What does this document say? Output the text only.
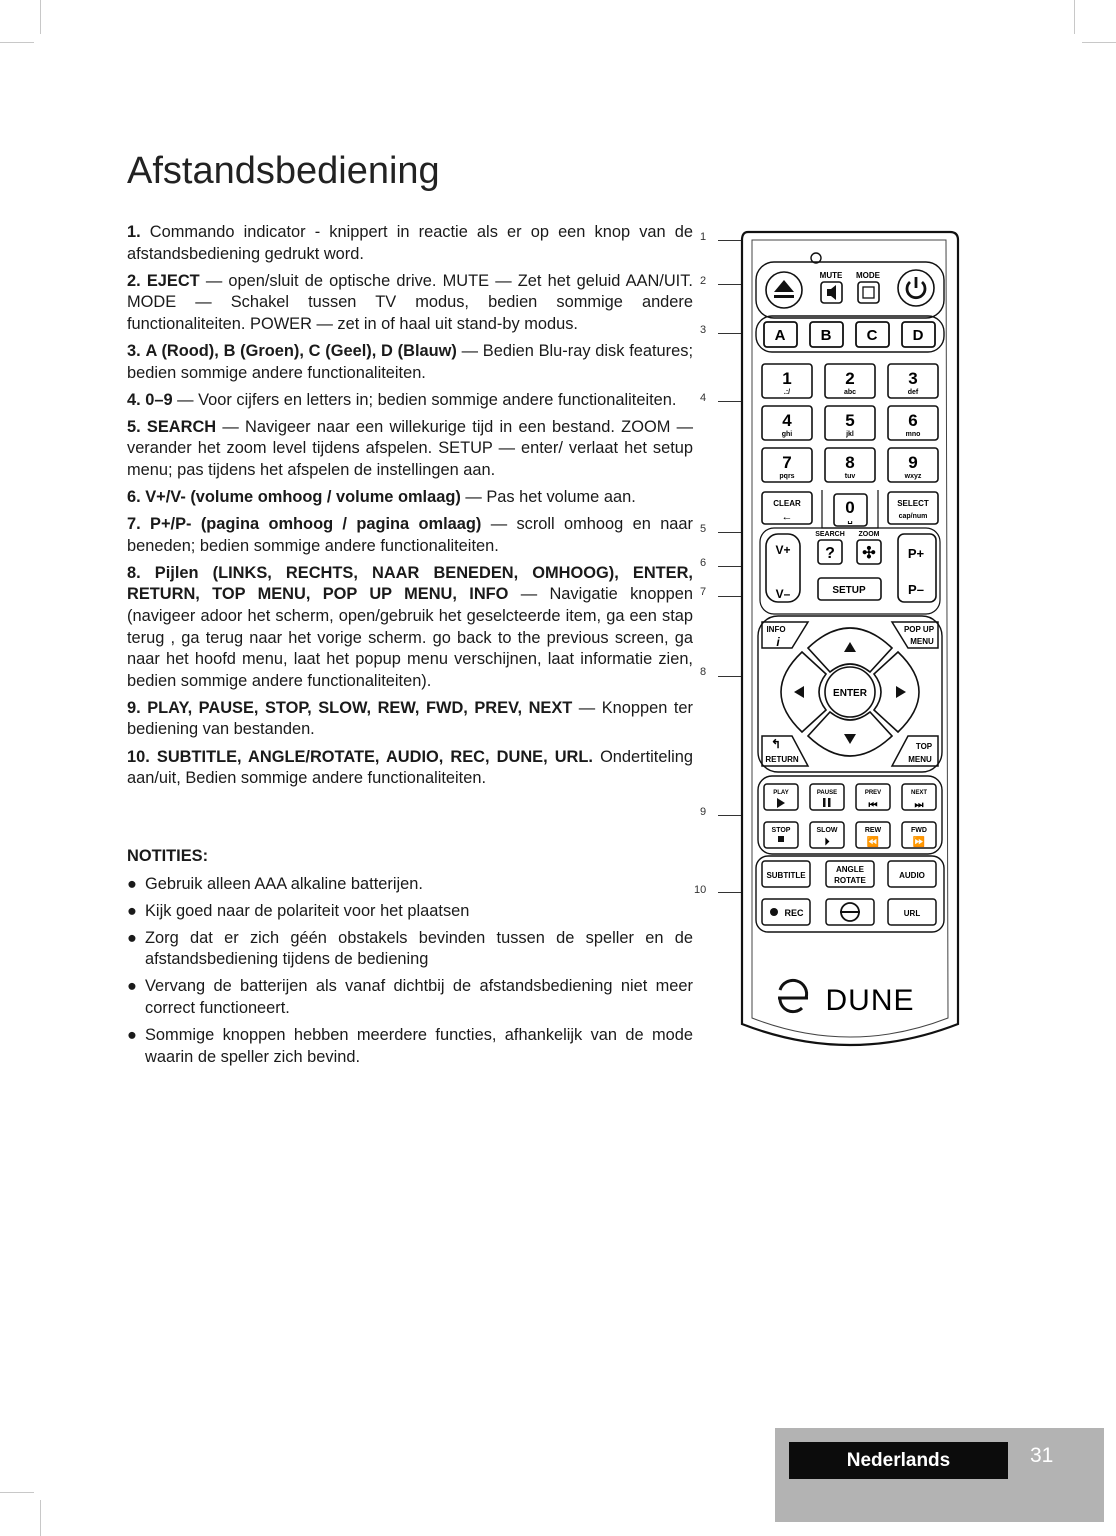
Afstandsbediening
1. Commando indicator - knippert in reactie als er op een knop van de afstandsbediening gedrukt word.
2. EJECT — open/sluit de optische drive. MUTE — Zet het geluid AAN/UIT. MODE — Schakel tussen TV modus, bedien sommige andere functionaliteiten. POWER — zet in of haal uit stand-by modus.
3. A (Rood), B (Groen), C (Geel), D (Blauw) — Bedien Blu-ray disk features; bedien sommige andere functionaliteiten.
4. 0–9 — Voor cijfers en letters in; bedien sommige andere functionaliteiten.
5. SEARCH — Navigeer naar een willekurige tijd in een bestand. ZOOM — verander het zoom level tijdens afspelen. SETUP — enter/ verlaat het setup menu; pas tijdens het afspelen de instellingen aan.
6. V+/V- (volume omhoog / volume omlaag) — Pas het volume aan.
7. P+/P- (pagina omhoog / pagina omlaag) — scroll omhoog en naar beneden; bedien sommige andere functionaliteiten.
8. Pijlen (LINKS, RECHTS, NAAR BENEDEN, OMHOOG), ENTER, RETURN, TOP MENU, POP UP MENU, INFO — Navigatie knoppen (navigeer adoor het scherm, open/gebruik het geselcteerde item, ga een stap terug , ga terug naar het vorige scherm. go back to the previous screen, ga naar het hoofd menu, laat het popup menu verschijnen, laat informatie zien, bedien sommige andere functionaliteiten).
9. PLAY, PAUSE, STOP, SLOW, REW, FWD, PREV, NEXT — Knoppen ter bediening van bestanden.
10. SUBTITLE, ANGLE/ROTATE, AUDIO, REC, DUNE, URL. Ondertiteling aan/uit, Bedien sommige andere functionaliteiten.
NOTITIES:
● Gebruik alleen AAA alkaline batterijen.
● Kijk goed naar de polariteit voor het plaatsen
● Zorg dat er zich géén obstakels bevinden tussen de speller en de afstandsbediening tijdens de bediening
● Vervang de batterijen als vanaf dichtbij de afstandsbediening niet meer correct functioneert.
● Sommige knoppen hebben meerdere functies, afhankelijk van de mode waarin de speller zich bevind.
1
2
3
4
5
6
7
8
9
10
MUTE MODE
A B C D
1
.:/
2
abc
3
def
4
ghi
5
jkl
6
mno
7
pqrs
8
tuv
9
wxyz
CLEAR
←	0
␣
SELECT
cap/num
SEARCH ZOOM
V+
V–
? ✣
SETUP
P+
P–
INFO
i
POP UP
MENU
↰
RETURN
TOP
MENU
ENTER
PLAY	PAUSE	PREV
⏮
NEXT
⏭
STOP	SLOW
⏵
REW
⏪
FWD
⏩
SUBTITLE
ANGLE
ROTATE
AUDIO
REC	URL
DUNE
Nederlands	31
